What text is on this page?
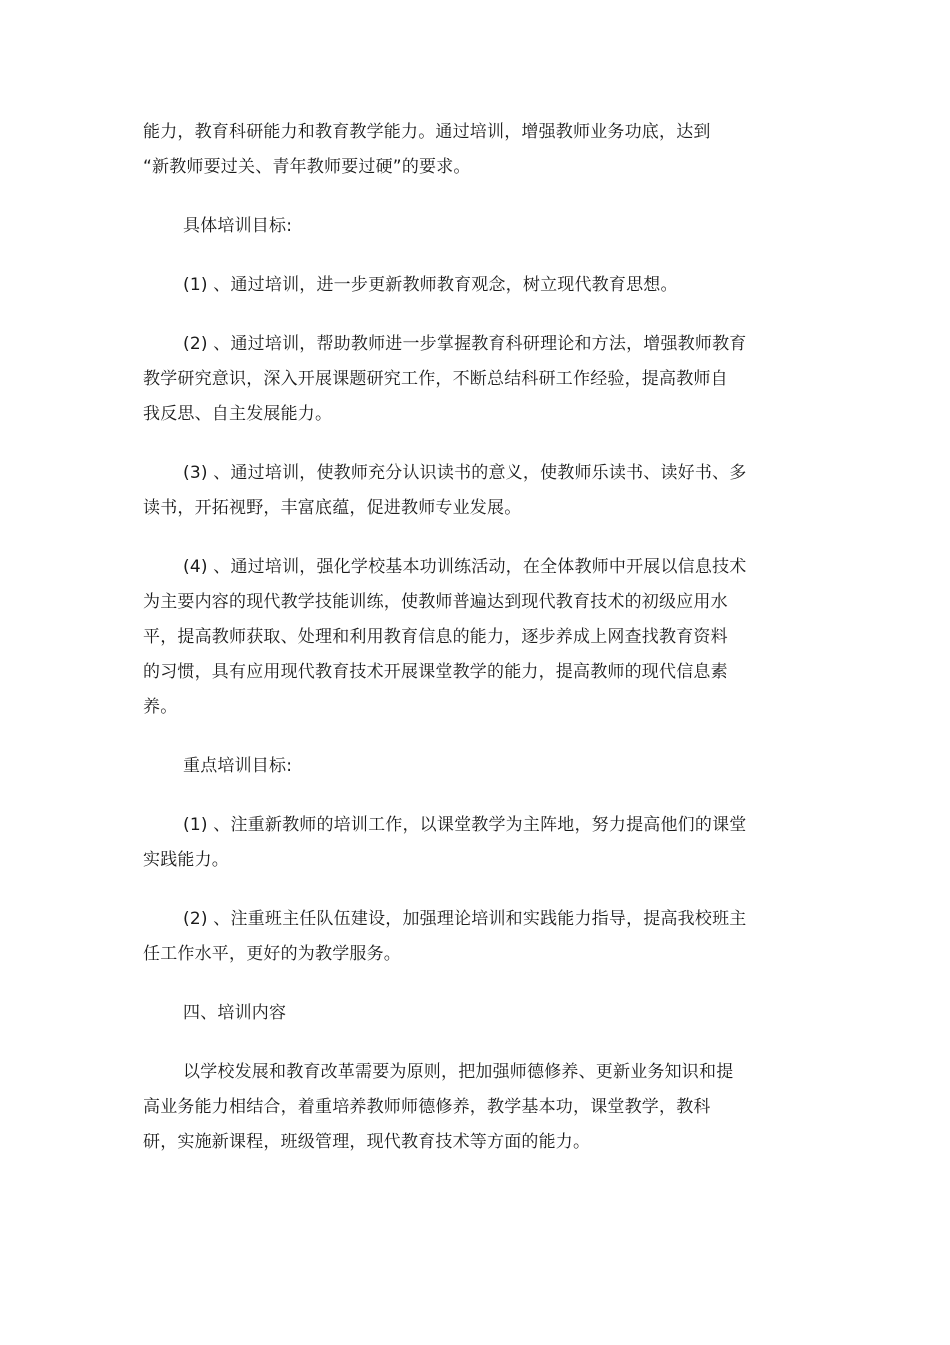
能力，教育科研能力和教育教学能力。通过培训，增强教师业务功底，达到
“新教师要过关、青年教师要过硬”的要求。
具体培训目标:
(1) 、通过培训，进一步更新教师教育观念，树立现代教育思想。
(2) 、通过培训，帮助教师进一步掌握教育科研理论和方法，增强教师教育
教学研究意识，深入开展课题研究工作，不断总结科研工作经验，提高教师自
我反思、自主发展能力。
(3) 、通过培训，使教师充分认识读书的意义，使教师乐读书、读好书、多
读书，开拓视野，丰富底蕴，促进教师专业发展。
(4) 、通过培训，强化学校基本功训练活动，在全体教师中开展以信息技术
为主要内容的现代教学技能训练，使教师普遍达到现代教育技术的初级应用水
平，提高教师获取、处理和利用教育信息的能力，逐步养成上网查找教育资料
的习惯，具有应用现代教育技术开展课堂教学的能力，提高教师的现代信息素
养。
重点培训目标:
(1) 、注重新教师的培训工作，以课堂教学为主阵地，努力提高他们的课堂
实践能力。
(2) 、注重班主任队伍建设，加强理论培训和实践能力指导，提高我校班主
任工作水平，更好的为教学服务。
四、培训内容
以学校发展和教育改革需要为原则，把加强师德修养、更新业务知识和提
高业务能力相结合，着重培养教师师德修养，教学基本功，课堂教学，教科
研，实施新课程，班级管理，现代教育技术等方面的能力。
